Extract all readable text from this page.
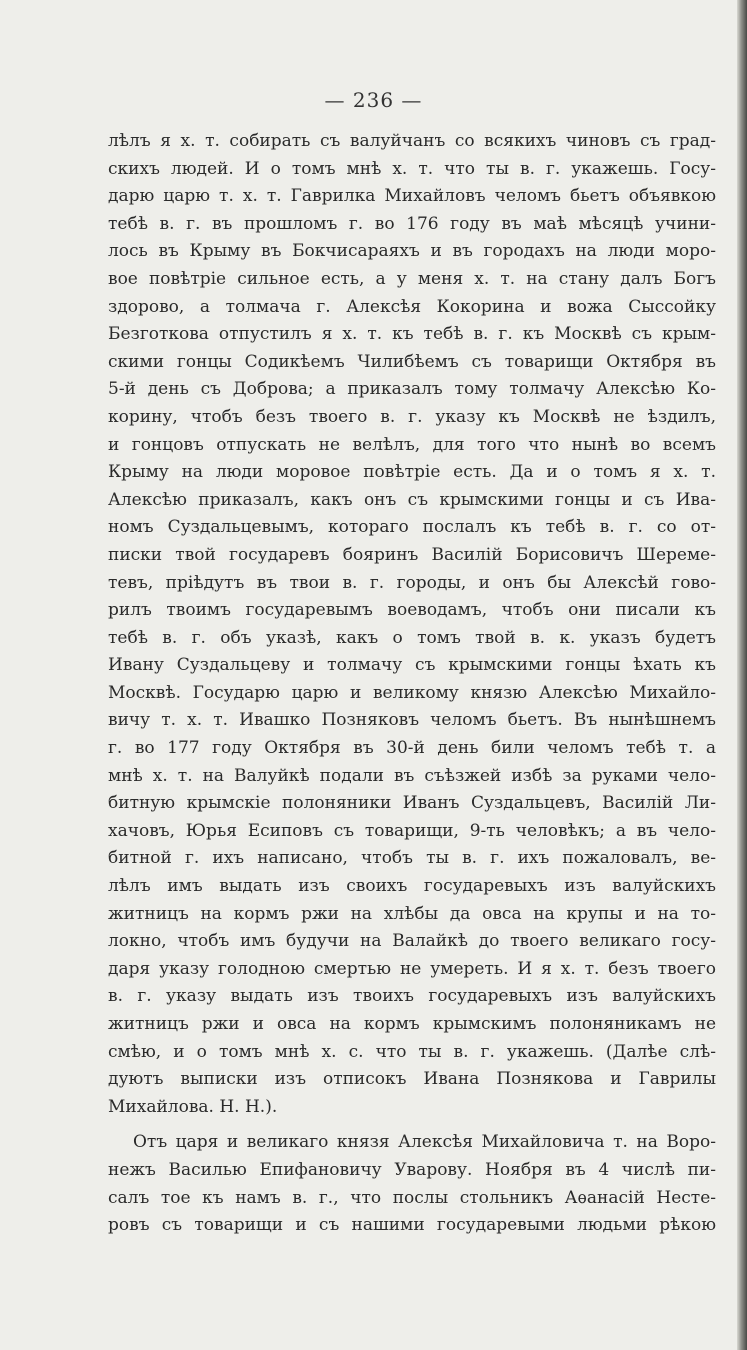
— 236 —
лѣлъ я х. т. собирать съ валуйчанъ со всякихъ чиновъ съ град-
скихъ людей. И о томъ мнѣ х. т. что ты в. г. укажешь. Госу-
дарю царю т. х. т. Гаврилка Михайловъ челомъ бьетъ объявкою
тебѣ в. г. въ прошломъ г. во 176 году въ маѣ мѣсяцѣ учини-
лось въ Крыму въ Бокчисараяхъ и въ городахъ на люди моро-
вое повѣтріе сильное есть, а у меня х. т. на стану далъ Богъ
здорово, а толмача г. Алексѣя Кокорина и вожа Сыссойку
Безготкова отпустилъ я х. т. къ тебѣ в. г. къ Москвѣ съ крым-
скими гонцы Содикѣемъ Чилибѣемъ съ товарищи Октября въ
5-й день съ Доброва; а приказалъ тому толмачу Алексѣю Ко-
корину, чтобъ безъ твоего в. г. указу къ Москвѣ не ѣздилъ,
и гонцовъ отпускать не велѣлъ, для того что нынѣ во всемъ
Крыму на люди моровое повѣтріе есть. Да и о томъ я х. т.
Алексѣю приказалъ, какъ онъ съ крымскими гонцы и съ Ива-
номъ Суздальцевымъ, котораго послалъ къ тебѣ в. г. со от-
писки твой государевъ бояринъ Василій Борисовичъ Шереме-
тевъ, пріѣдутъ въ твои в. г. городы, и онъ бы Алексѣй гово-
рилъ твоимъ государевымъ воеводамъ, чтобъ они писали къ
тебѣ в. г. объ указѣ, какъ о томъ твой в. к. указъ будетъ
Ивану Суздальцеву и толмачу съ крымскими гонцы ѣхать къ
Москвѣ. Государю царю и великому князю Алексѣю Михайло-
вичу т. х. т. Ивашко Позняковъ челомъ бьетъ. Въ нынѣшнемъ
г. во 177 году Октября въ 30-й день били челомъ тебѣ т. а
мнѣ х. т. на Валуйкѣ подали въ съѣзжей избѣ за руками чело-
битную крымскіе полоняники Иванъ Суздальцевъ, Василій Ли-
хачовъ, Юрья Есиповъ съ товарищи, 9-ть человѣкъ; а въ чело-
битной г. ихъ написано, чтобъ ты в. г. ихъ пожаловалъ, ве-
лѣлъ имъ выдать изъ своихъ государевыхъ изъ валуйскихъ
житницъ на кормъ ржи на хлѣбы да овса на крупы и на то-
локно, чтобъ имъ будучи на Валайкѣ до твоего великаго госу-
даря указу голодною смертью не умереть. И я х. т. безъ твоего
в. г. указу выдать изъ твоихъ государевыхъ изъ валуйскихъ
житницъ ржи и овса на кормъ крымскимъ полоняникамъ не
смѣю, и о томъ мнѣ х. с. что ты в. г. укажешь. (Далѣе слѣ-
дуютъ выписки изъ отписокъ Ивана Познякова и Гаврилы
Михайлова. Н. Н.).
Отъ царя и великаго князя Алексѣя Михайловича т. на Воро-
нежъ Василью Епифановичу Уварову. Ноября въ 4 числѣ пи-
салъ тое къ намъ в. г., что послы стольникъ Аѳанасій Несте-
ровъ съ товарищи и съ нашими государевыми людьми рѣкою
